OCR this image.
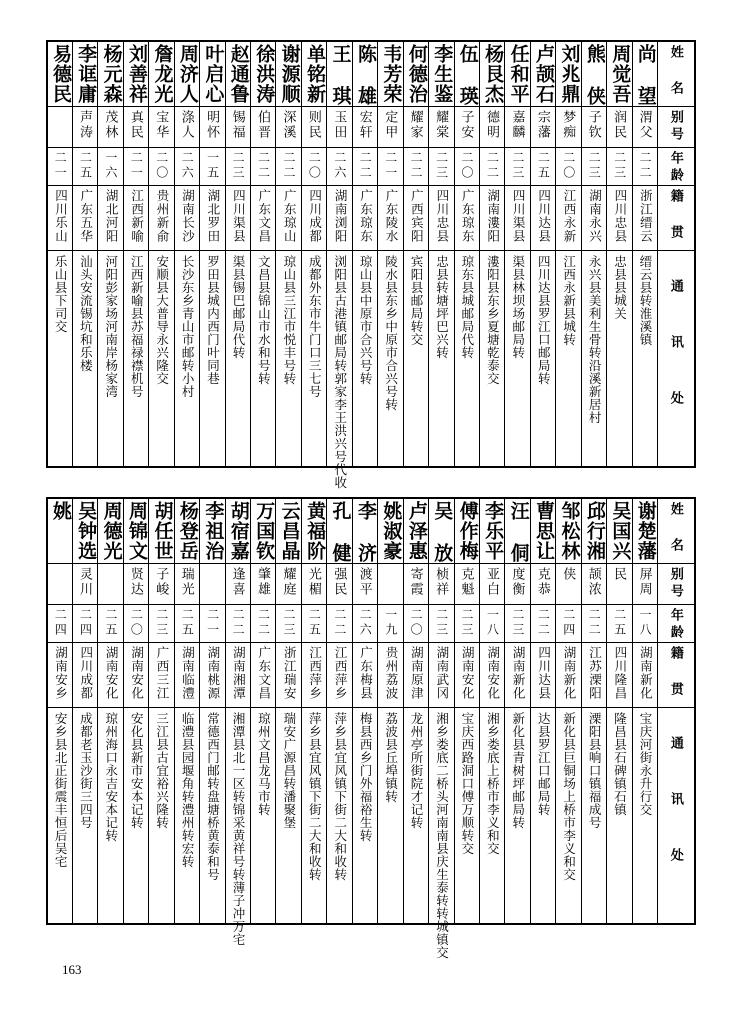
易德民	李诓庸	杨元森	刘善祥	詹龙光	周济人	叶启心	赵通鲁	徐洪涛	谢源顺	单铭新	王 琪	陈 雄	韦芳荣	何德治	李生鉴	伍 瑛	杨艮杰	任和平	卢颉石	刘兆鼎	熊 侠	周觉吾	尚 望	姓 名

	声涛	茂林	真民	宝华	涤人	明怀	锡福	伯晋	深溪	则民	玉田	宏轩	定甲	耀家	耀棠	子安	德明	嘉麟	宗藩	梦痴	子钦	润民	渭父	别号

二一	二五	一六	二一	二〇	二六	一五	二三	二二	二二	二〇	二六	二二	二一	二二	二三	二〇	二二	二三	二五	二〇	二三	二三	二二	年龄

四川乐山	广东五华	湖北河阳	江西新喻	贵州新俞	湖南长沙	湖北罗田	四川渠县	广东文昌	广东琼山	四川成都	湖南浏阳	广东琼东	广东陵水	广西宾阳	四川忠县	广东琼东	湖南漊阳	四川渠县	四川达县	江西永新	湖南永兴	四川忠县	浙江缙云	籍 贯

乐山县下司交	汕头安流锡坑和乐楼	河阳彭家场河南岸杨家湾	江西新喻县苏福禄襟机号	安顺县大普导永兴隆交	长沙东乡青山市邮转小村	罗田县城内西门叶同巷	渠县锡巴邮局代转	文昌县锦山市水和号转	琼山县三江市悦丰号转	成都外东市牛门口三七号	浏阳县古港镇邮局转郭家李王洪兴号代收	琼山县中原市合兴号转	陵水县东乡中原市合兴号转	宾阳县邮局转交	忠县转塘坪巴兴转	琼东县城邮局代转	漊阳县东乡夏塘乾泰交	渠县林坝场邮局转	四川达县罗江口邮局转	江西永新县城转	永兴县美利生骨转沿溪新居村	忠县县城关	缙云县转淮溪镇	通 讯 处
姚	吴钟选	周德光	周锦文	胡任世	杨登岳	李祖治	胡宿嘉	万国钦	云昌晶	黄福阶	孔 健	李 济	姚淑豪	卢泽惠	吴 放	傅作梅	李乐平	汪 侗	曹思让	邹松林	邱行湘	吴国兴	谢楚藩	姓 名

	灵川		贤达	子峻	瑞光		逢喜	肇雄	耀庭	光楣	强民	渡平		寄霞	桢祥	克魁	亚白	度衡	克恭	侠	颉浓	民	屏周	别号

二四	二四	二五	二〇	二三	二五	二一	二二	二二	二三	二五	二二	二六	一九	二〇	二三	二三	一八	二三	二二	二四	二二	二五	一八	年龄

湖南安乡	四川成都	湖南安化	湖南安化	广西三江	湖南临澧	湖南桃源	湖南湘潭	广东文昌	浙江瑞安	江西萍乡	江西萍乡	广东梅县	贵州荔波	湖南原津	湖南武冈	湖南安化	湖南安化	湖南新化	四川达县	湖南新化	江苏溧阳	四川隆昌	湖南新化	籍 贯

安乡县北正街震丰恒后吴宅	成都老玉沙街三四号	琼州海口永吉安本记转	安化县新市安本记转	三江县古宜裕兴隆转	临澧县园堰角转澧州转宏转	常德西门邮转盘塘桥黄泰和号	湘潭县北一区转锦采黄祥号转薄子冲万宅	琼州文昌龙马市转	瑞安广源昌转潘聚堡	萍乡县宜风镇下街二大和收转	萍乡县宜风镇下街二大和收转	梅县西乡门外福裕生转	荔波县丘埠镇转	龙州亭所街院才记转	湘乡娄底二桥头河南南县庆生泰转转城镇交	宝庆西路洞口傅万顺转交	湘乡娄底上桥市李义和交	新化县青树坪邮局转	达县罗江口邮局转	新化县巨铜场上桥市李义和交	溧阳县响口镇福成号	隆昌县石碑镇石镇	宝庆河街永升行交	通 讯 处
163
